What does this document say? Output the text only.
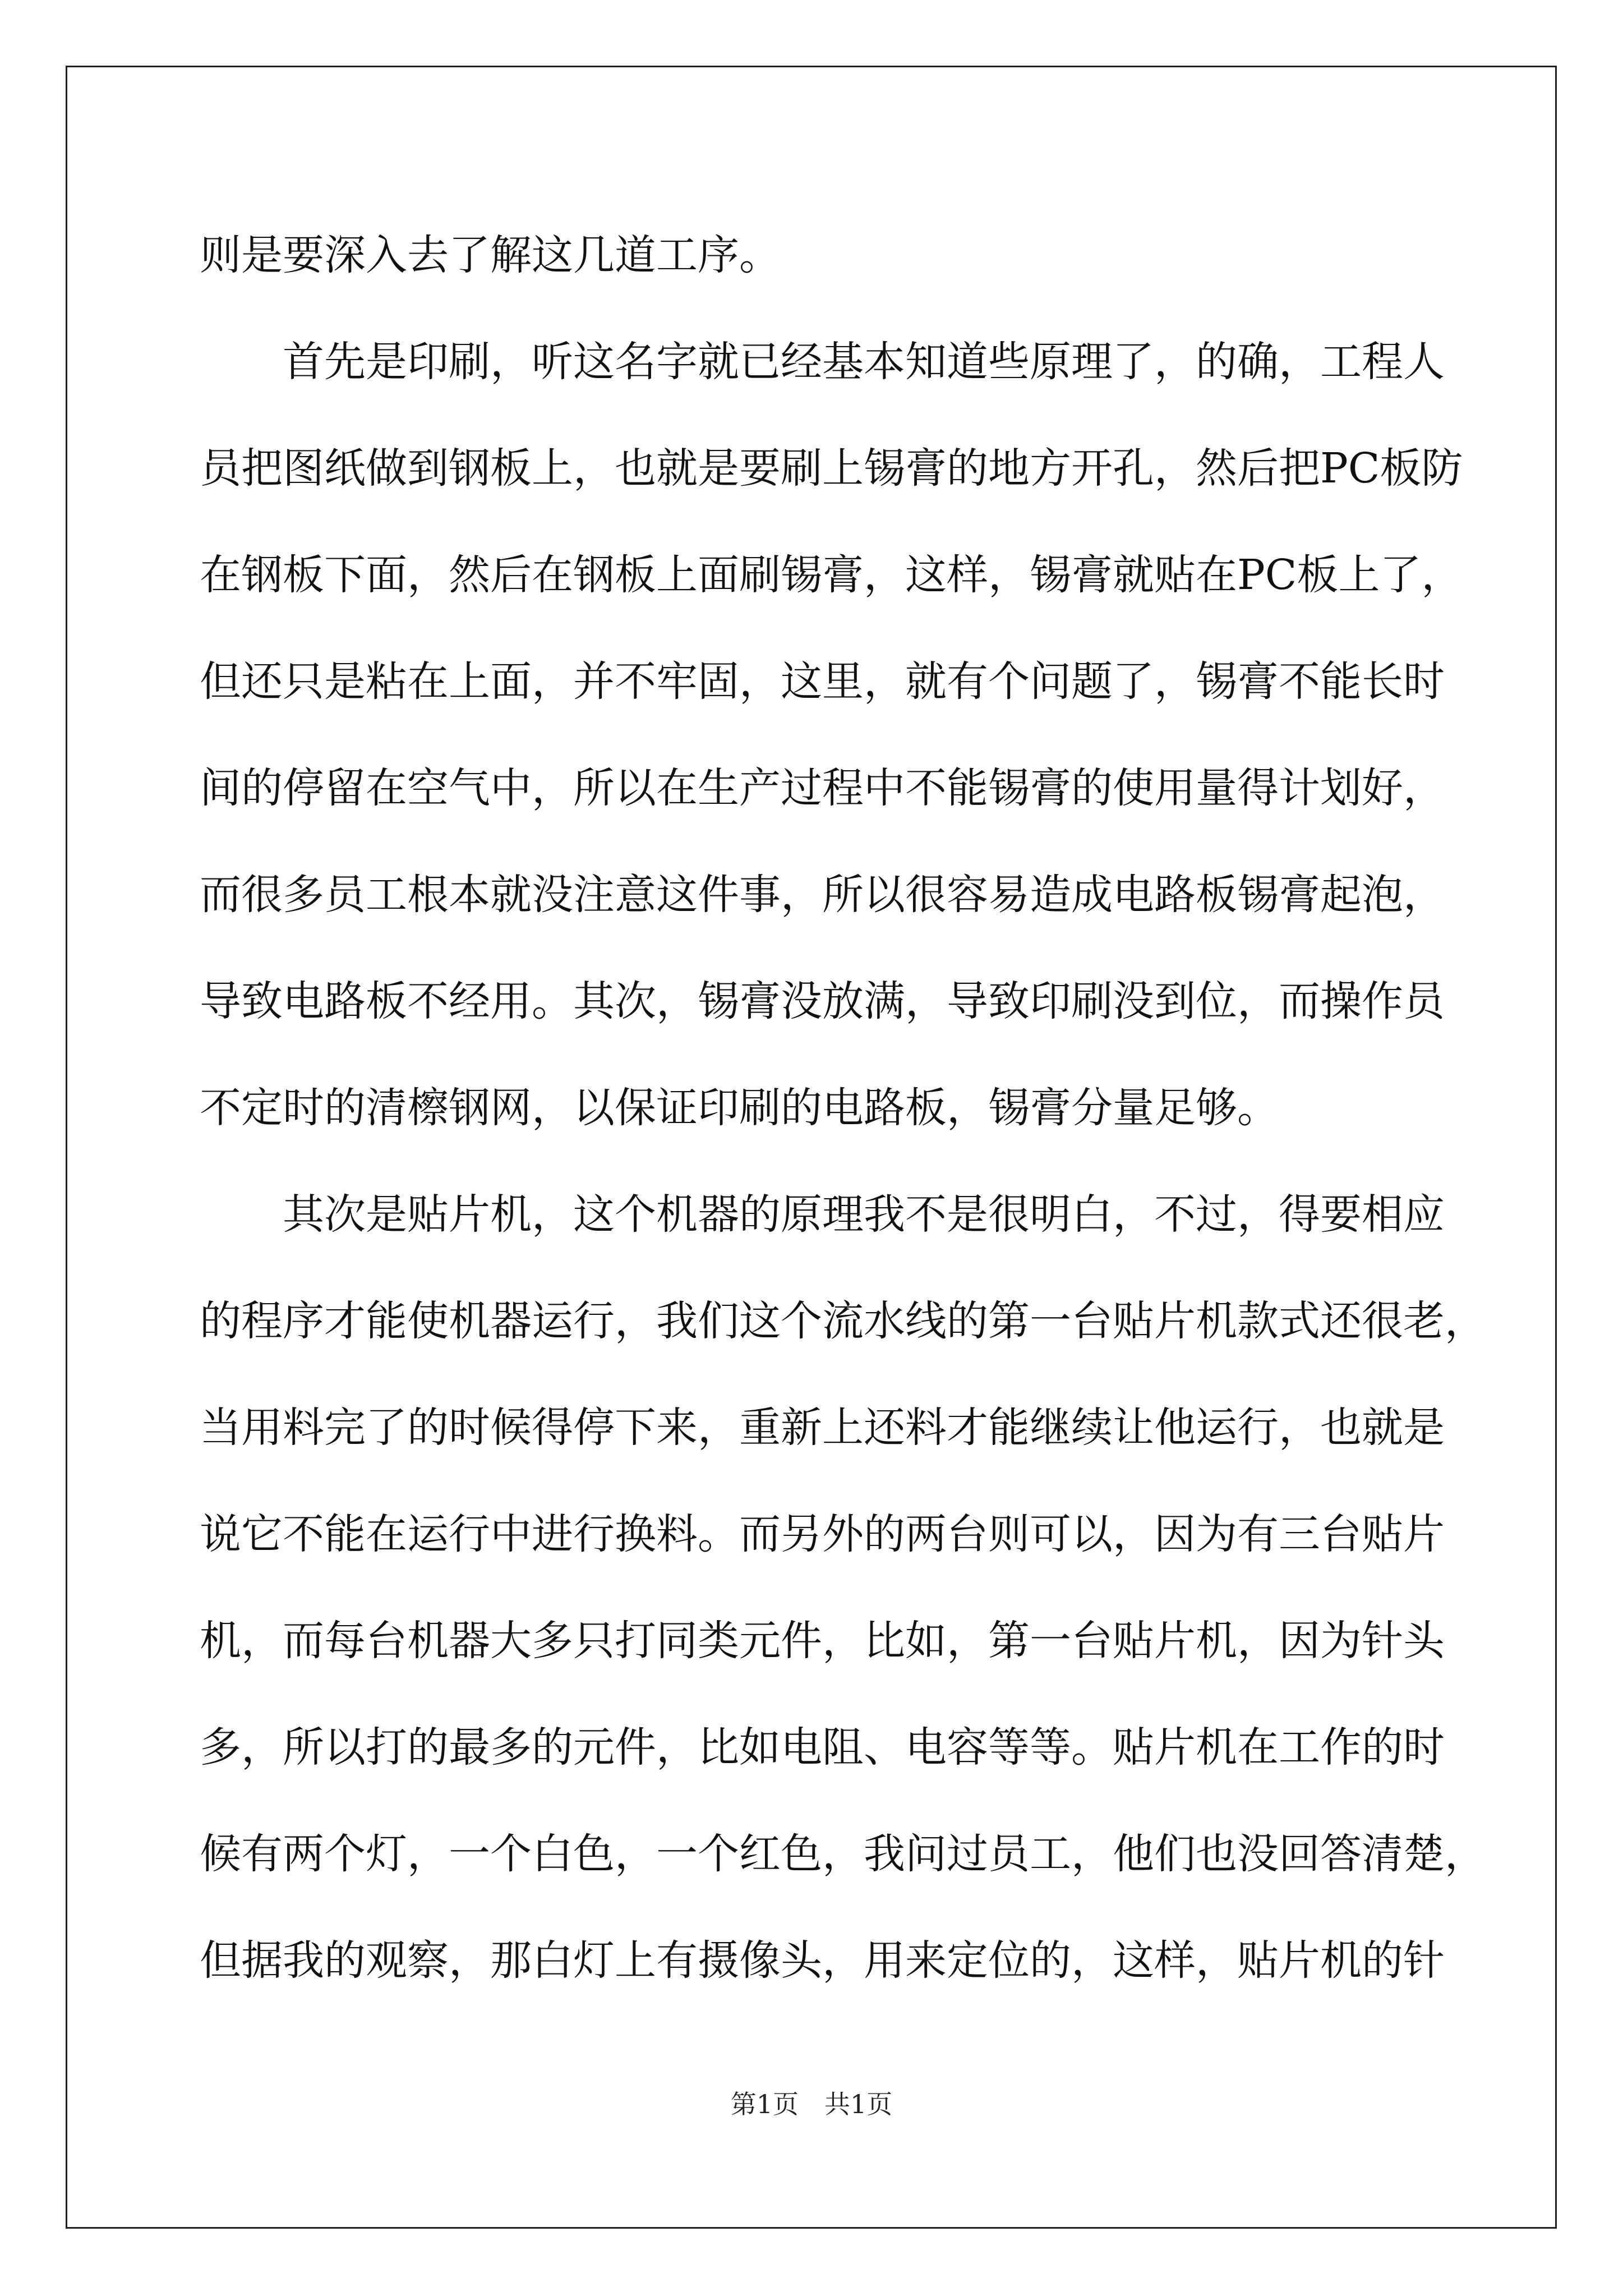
则是要深入去了解这几道工序。
　　首先是印刷，听这名字就已经基本知道些原理了，的确，工程人
员把图纸做到钢板上，也就是要刷上锡膏的地方开孔，然后把PC板防
在钢板下面，然后在钢板上面刷锡膏，这样，锡膏就贴在PC板上了，
但还只是粘在上面，并不牢固，这里，就有个问题了，锡膏不能长时
间的停留在空气中，所以在生产过程中不能锡膏的使用量得计划好，
而很多员工根本就没注意这件事，所以很容易造成电路板锡膏起泡，
导致电路板不经用。其次，锡膏没放满，导致印刷没到位，而操作员
不定时的清檫钢网，以保证印刷的电路板，锡膏分量足够。
　　其次是贴片机，这个机器的原理我不是很明白，不过，得要相应
的程序才能使机器运行，我们这个流水线的第一台贴片机款式还很老，
当用料完了的时候得停下来，重新上还料才能继续让他运行，也就是
说它不能在运行中进行换料。而另外的两台则可以，因为有三台贴片
机，而每台机器大多只打同类元件，比如，第一台贴片机，因为针头
多，所以打的最多的元件，比如电阻、电容等等。贴片机在工作的时
候有两个灯，一个白色，一个红色，我问过员工，他们也没回答清楚，
但据我的观察，那白灯上有摄像头，用来定位的，这样，贴片机的针
第1页　共1页
